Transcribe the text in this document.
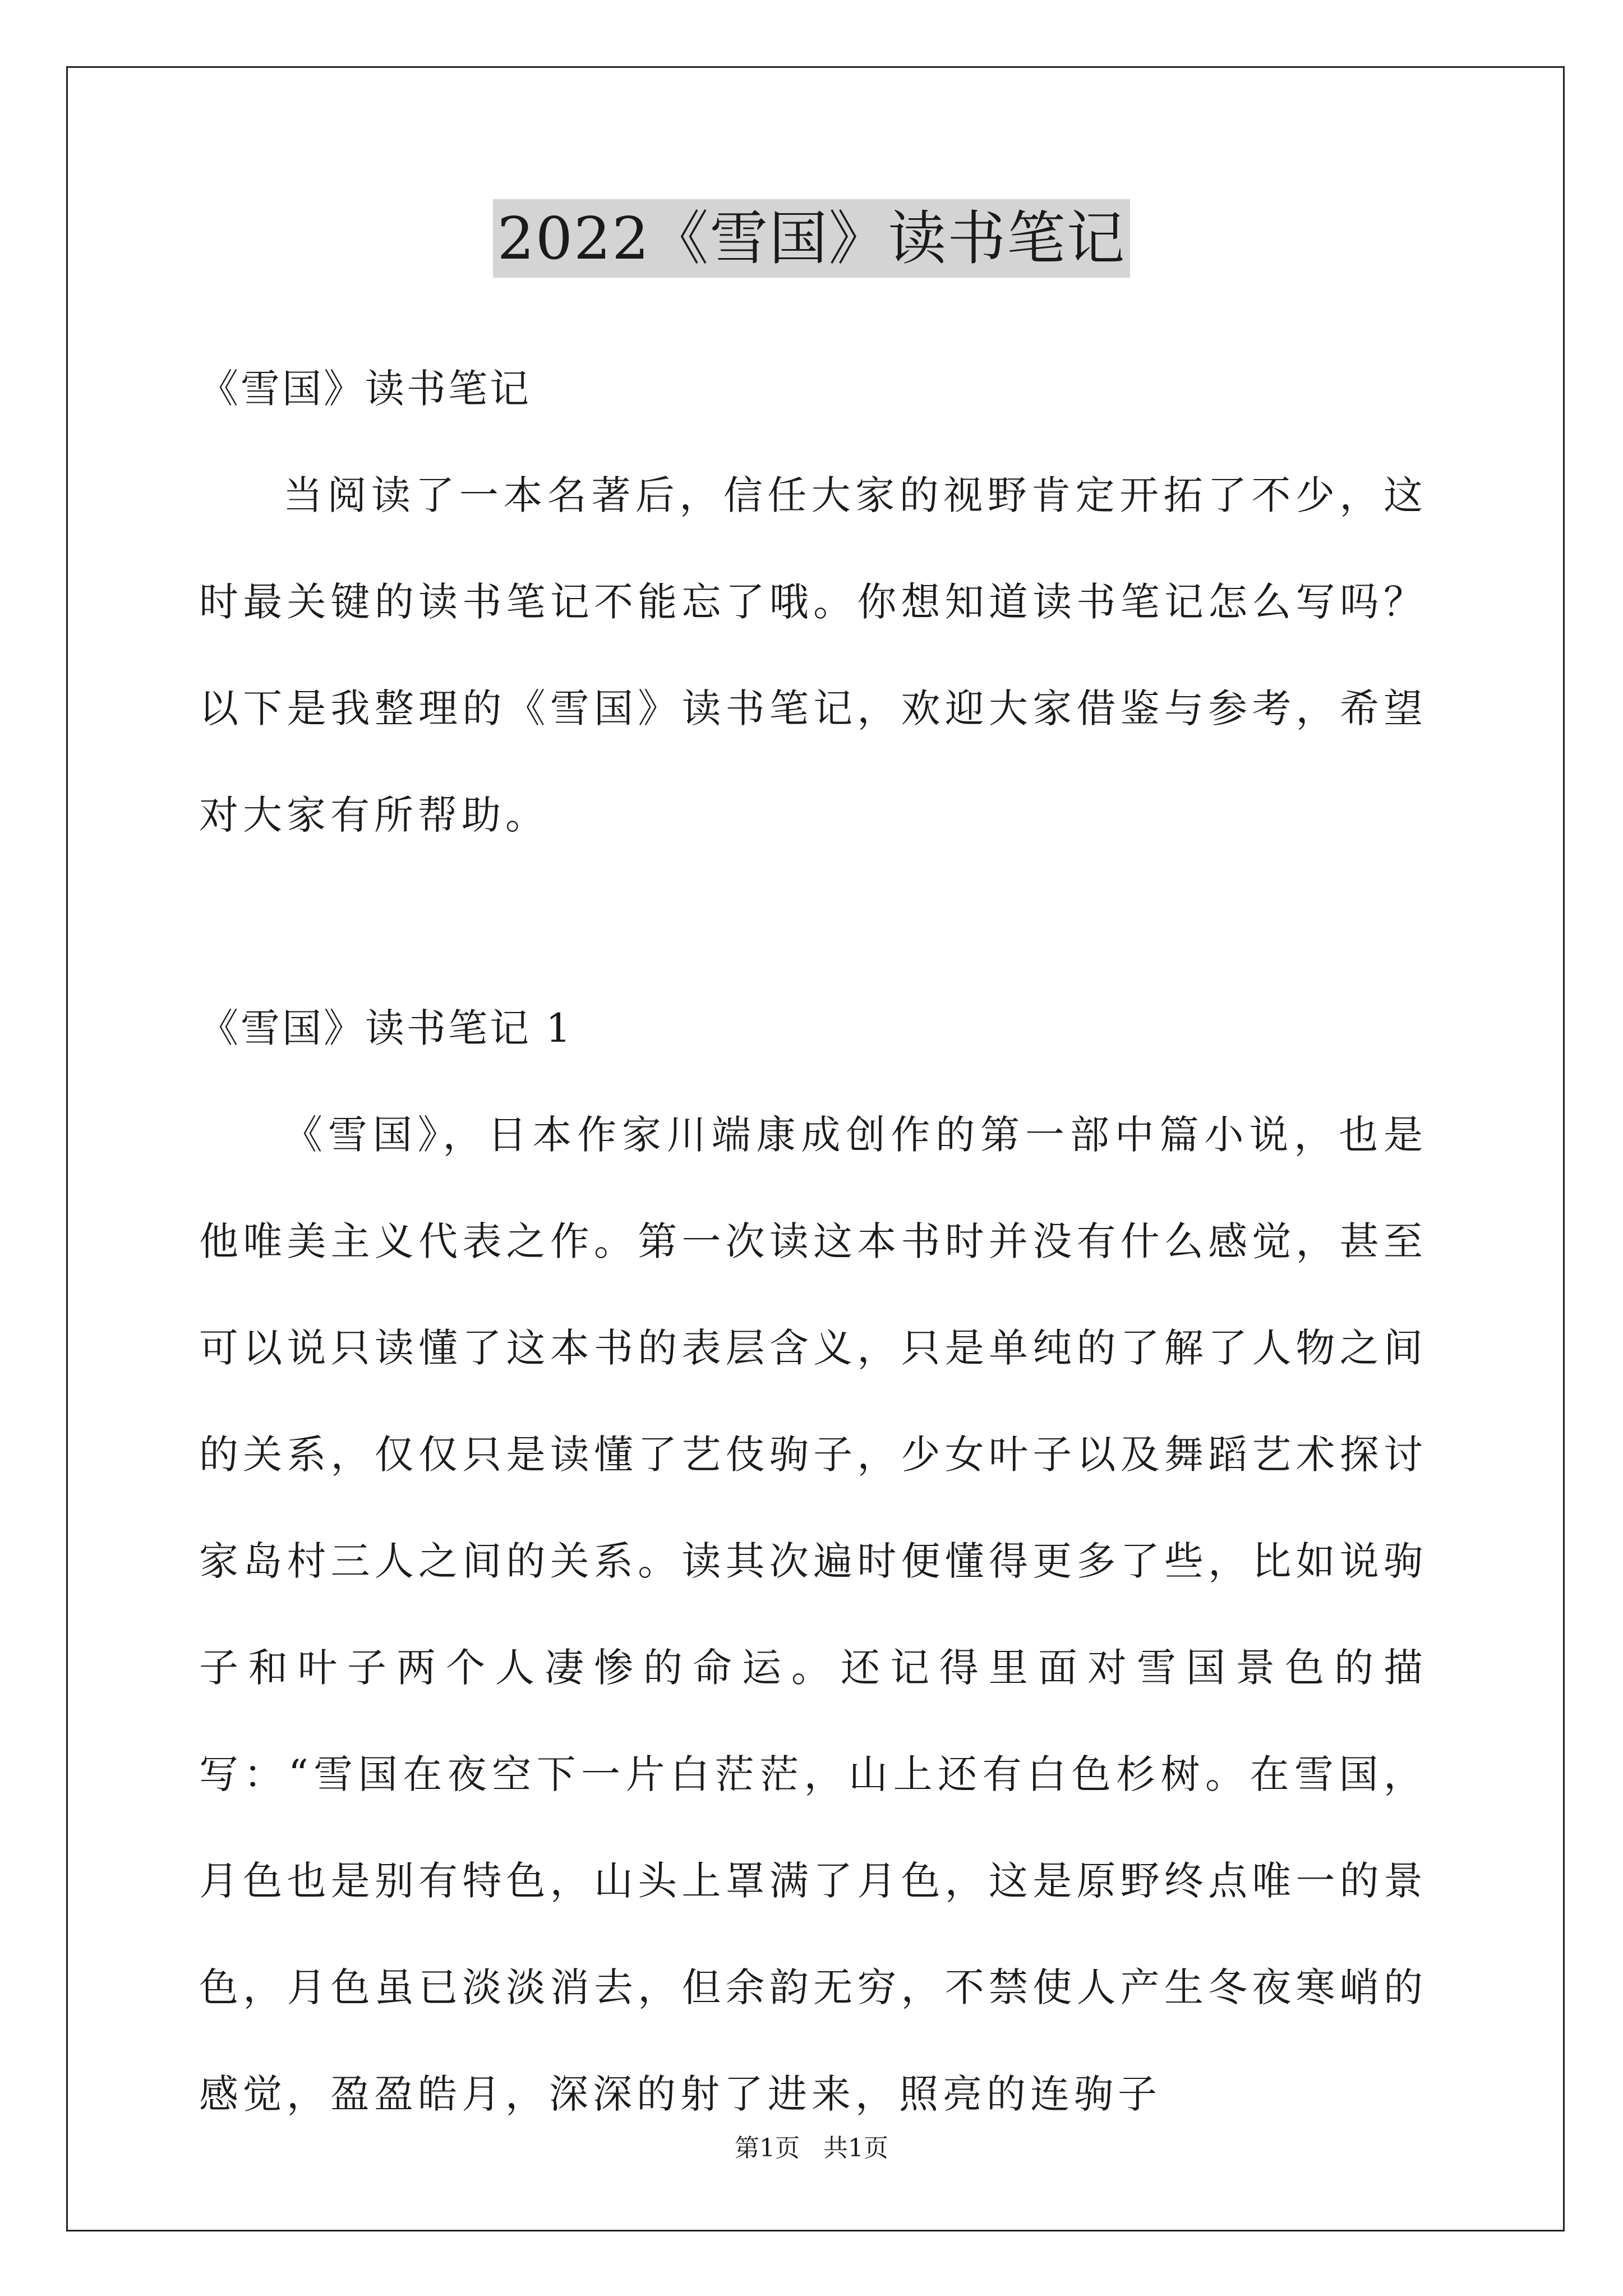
2022《雪国》读书笔记

《雪国》读书笔记

当阅读了一本名著后，信任大家的视野肯定开拓了不少，这时最关键的读书笔记不能忘了哦。你想知道读书笔记怎么写吗？以下是我整理的《雪国》读书笔记，欢迎大家借鉴与参考，希望对大家有所帮助。

《雪国》读书笔记 1

《雪国》，日本作家川端康成创作的第一部中篇小说，也是他唯美主义代表之作。第一次读这本书时并没有什么感觉，甚至可以说只读懂了这本书的表层含义，只是单纯的了解了人物之间的关系，仅仅只是读懂了艺伎驹子，少女叶子以及舞蹈艺术探讨家岛村三人之间的关系。读其次遍时便懂得更多了些，比如说驹子和叶子两个人凄惨的命运。还记得里面对雪国景色的描写：“雪国在夜空下一片白茫茫，山上还有白色杉树。在雪国，月色也是别有特色，山头上罩满了月色，这是原野终点唯一的景色，月色虽已淡淡消去，但余韵无穷，不禁使人产生冬夜寒峭的感觉，盈盈皓月，深深的射了进来，照亮的连驹子

第1页   共1页
